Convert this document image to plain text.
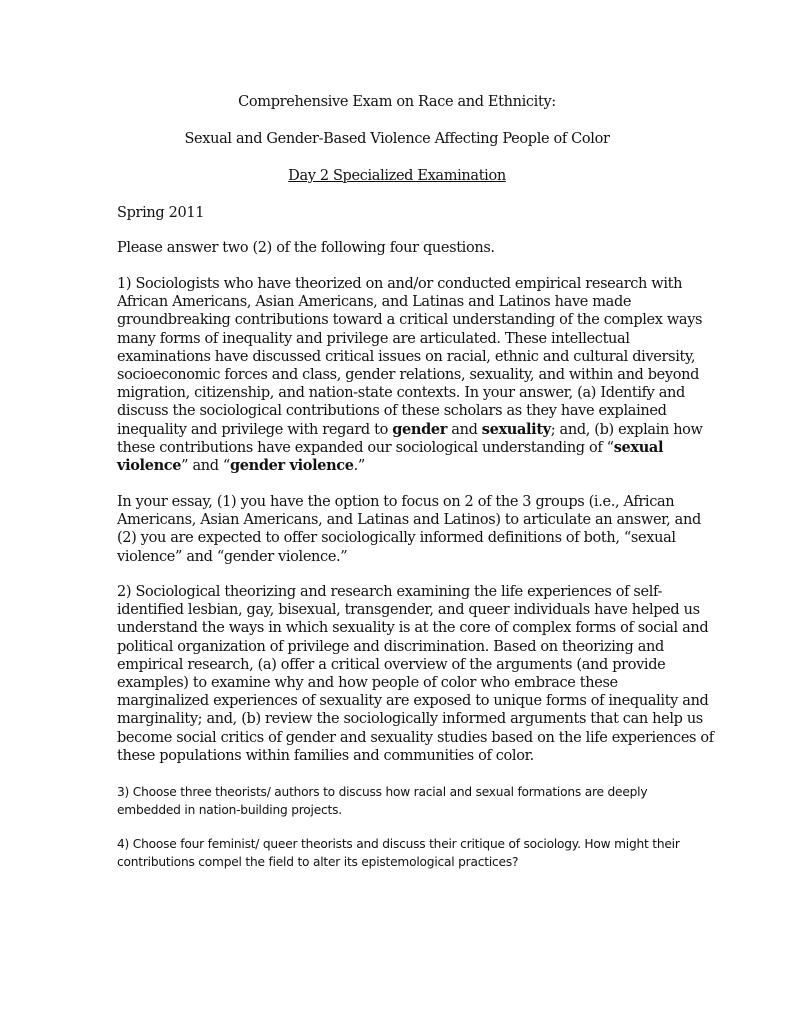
Comprehensive Exam on Race and Ethnicity:

Sexual and Gender-Based Violence Affecting People of Color

Day 2 Specialized Examination

Spring 2011

Please answer two (2) of the following four questions.

1) Sociologists who have theorized on and/or conducted empirical research with
African Americans, Asian Americans, and Latinas and Latinos have made
groundbreaking contributions toward a critical understanding of the complex ways
many forms of inequality and privilege are articulated. These intellectual
examinations have discussed critical issues on racial, ethnic and cultural diversity,
socioeconomic forces and class, gender relations, sexuality, and within and beyond
migration, citizenship, and nation-state contexts. In your answer, (a) Identify and
discuss the sociological contributions of these scholars as they have explained
inequality and privilege with regard to gender and sexuality; and, (b) explain how
these contributions have expanded our sociological understanding of “sexual
violence” and “gender violence.”
In your essay, (1) you have the option to focus on 2 of the 3 groups (i.e., African
Americans, Asian Americans, and Latinas and Latinos) to articulate an answer, and
(2) you are expected to offer sociologically informed definitions of both, “sexual
violence” and “gender violence.”
2) Sociological theorizing and research examining the life experiences of self-
identified lesbian, gay, bisexual, transgender, and queer individuals have helped us
understand the ways in which sexuality is at the core of complex forms of social and
political organization of privilege and discrimination. Based on theorizing and
empirical research, (a) offer a critical overview of the arguments (and provide
examples) to examine why and how people of color who embrace these
marginalized experiences of sexuality are exposed to unique forms of inequality and
marginality; and, (b) review the sociologically informed arguments that can help us
become social critics of gender and sexuality studies based on the life experiences of
these populations within families and communities of color.
3) Choose three theorists/ authors to discuss how racial and sexual formations are deeply
embedded in nation-building projects.
4) Choose four feminist/ queer theorists and discuss their critique of sociology. How might their
contributions compel the field to alter its epistemological practices?
